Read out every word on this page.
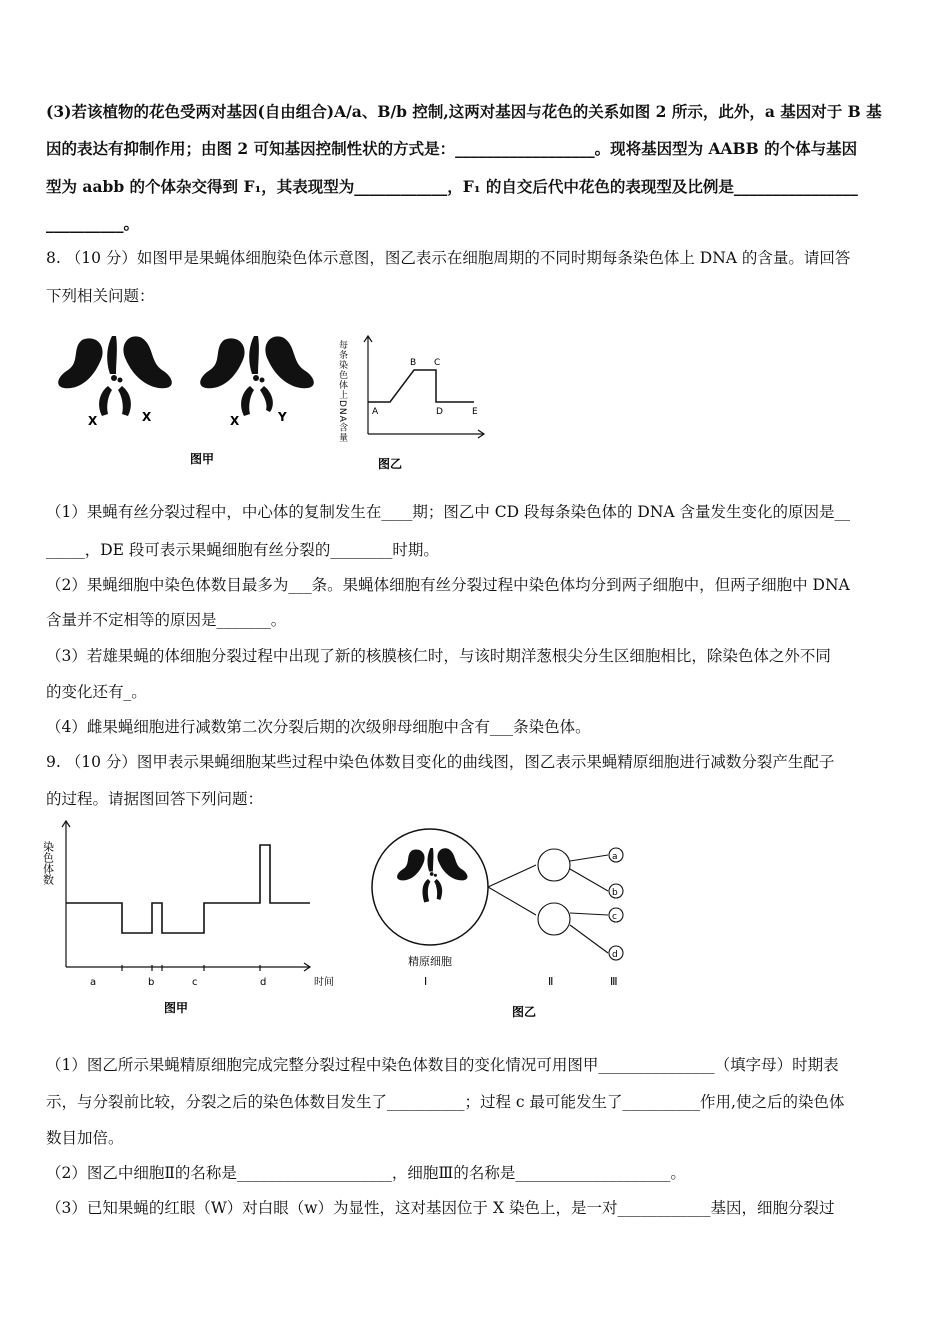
(3)若该植物的花色受两对基因(自由组合)A/a、B/b 控制,这两对基因与花色的关系如图 2 所示，此外，a 基因对于 B 基
因的表达有抑制作用；由图 2 可知基因控制性状的方式是：__________________。现将基因型为 AABB 的个体与基因
型为 aabb 的个体杂交得到 F₁，其表现型为____________，F₁ 的自交后代中花色的表现型及比例是________________
__________。
8. （10 分）如图甲是果蝇体细胞染色体示意图，图乙表示在细胞周期的不同时期每条染色体上 DNA 的含量。请回答
下列相关问题：
X	X	X	Y
图甲
每条染色体上DNA含量	A
B C
D	E
图乙
（1）果蝇有丝分裂过程中，中心体的复制发生在____期；图乙中 CD 段每条染色体的 DNA 含量发生变化的原因是__
_____，DE 段可表示果蝇细胞有丝分裂的________时期。
（2）果蝇细胞中染色体数目最多为___条。果蝇体细胞有丝分裂过程中染色体均分到两子细胞中，但两子细胞中 DNA
含量并不定相等的原因是_______。
（3）若雄果蝇的体细胞分裂过程中出现了新的核膜核仁时，与该时期洋葱根尖分生区细胞相比，除染色体之外不同
的变化还有_。
（4）雌果蝇细胞进行减数第二次分裂后期的次级卵母细胞中含有___条染色体。
9. （10 分）图甲表示果蝇细胞某些过程中染色体数目变化的曲线图，图乙表示果蝇精原细胞进行减数分裂产生配子
的过程。请据图回答下列问题：
染色体数
a	b	c	d	时间
图甲
a
b
c
d
精原细胞
Ⅰ	Ⅱ	Ⅲ
图乙
（1）图乙所示果蝇精原细胞完成完整分裂过程中染色体数目的变化情况可用图甲_______________（填字母）时期表
示，与分裂前比较，分裂之后的染色体数目发生了__________；过程 c 最可能发生了__________作用,使之后的染色体
数目加倍。
（2）图乙中细胞Ⅱ的名称是____________________，细胞Ⅲ的名称是____________________。
（3）已知果蝇的红眼（W）对白眼（w）为显性，这对基因位于 X 染色上，是一对____________基因，细胞分裂过
